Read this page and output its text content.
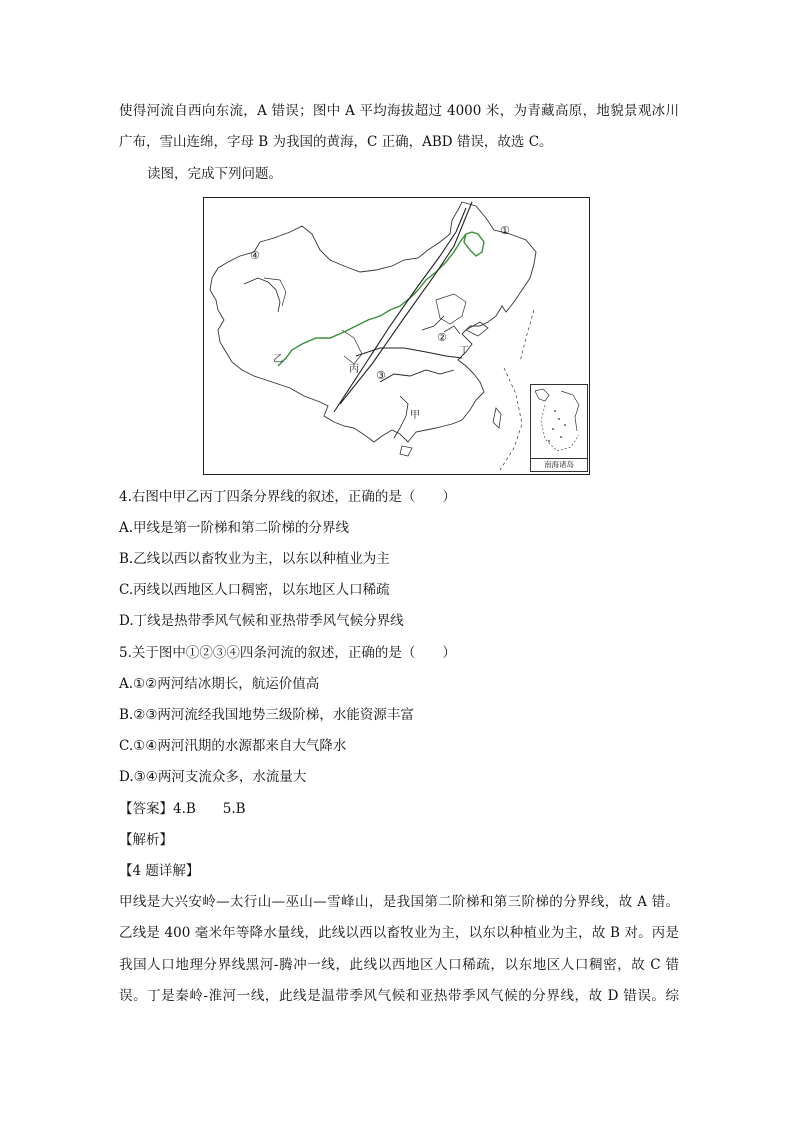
使得河流自西向东流，A 错误；图中 A 平均海拔超过 4000 米，为青藏高原，地貌景观冰川
广布，雪山连绵，字母 B 为我国的黄海，C 正确，ABD 错误，故选 C。
读图，完成下列问题。
①
②
③
④
甲
乙
丙
丁
南海诸岛
4.右图中甲乙丙丁四条分界线的叙述，正确的是（　　）
A.甲线是第一阶梯和第二阶梯的分界线
B.乙线以西以畜牧业为主，以东以种植业为主
C.丙线以西地区人口稠密，以东地区人口稀疏
D.丁线是热带季风气候和亚热带季风气候分界线
5.关于图中①②③④四条河流的叙述，正确的是（　　）
A.①②两河结冰期长，航运价值高
B.②③两河流经我国地势三级阶梯，水能资源丰富
C.①④两河汛期的水源都来自大气降水
D.③④两河支流众多，水流量大
【答案】4.B　　5.B
【解析】
【4 题详解】
甲线是大兴安岭—太行山—巫山—雪峰山，是我国第二阶梯和第三阶梯的分界线，故 A 错。
乙线是 400 毫米年等降水量线，此线以西以畜牧业为主，以东以种植业为主，故 B 对。丙是
我国人口地理分界线黑河-腾冲一线，此线以西地区人口稀疏，以东地区人口稠密，故 C 错
误。丁是秦岭-淮河一线，此线是温带季风气候和亚热带季风气候的分界线，故 D 错误。综
